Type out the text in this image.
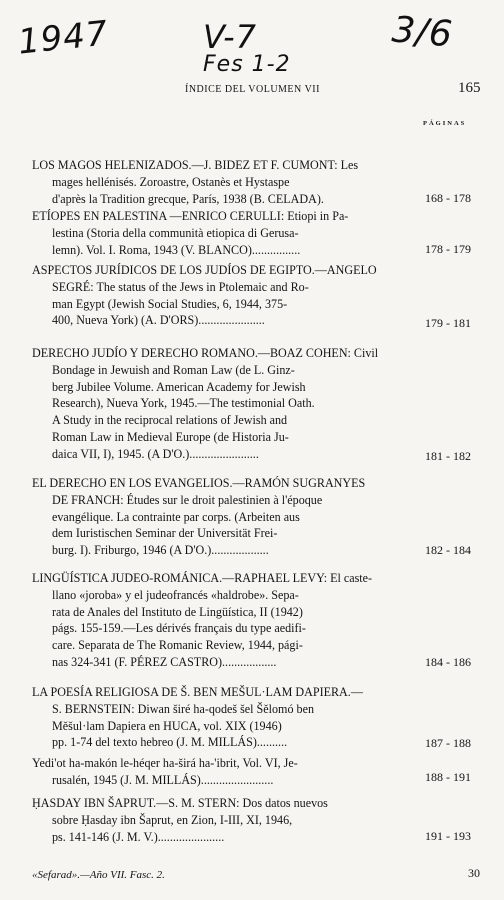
1947	V-7
Fes 1-2
3/6
ÍNDICE DEL VOLUMEN VII	165
PÁGINAS
LOS MAGOS HELENIZADOS.—J. BIDEZ ET F. CUMONT: Les
mages hellénisés. Zoroastre, Ostanès et Hystaspe
d'après la Tradition grecque, París, 1938 (B. CELADA).	168 - 178
ETÍOPES EN PALESTINA —ENRICO CERULLI: Etiopi in Pa-
lestina (Storia della communità etiopica di Gerusa-
lemn). Vol. I. Roma, 1943 (V. BLANCO)................	178 - 179
ASPECTOS JURÍDICOS DE LOS JUDÍOS DE EGIPTO.—ANGELO
SEGRÉ: The status of the Jews in Ptolemaic and Ro-
man Egypt (Jewish Social Studies, 6, 1944, 375-
400, Nueva York) (A. D'ORS)......................	179 - 181
DERECHO JUDÍO Y DERECHO ROMANO.—BOAZ COHEN: Civil
Bondage in Jewuish and Roman Law (de L. Ginz-
berg Jubilee Volume. American Academy for Jewish
Research), Nueva York, 1945.—The testimonial Oath.
A Study in the reciprocal relations of Jewish and
Roman Law in Medieval Europe (de Historia Ju-
daica VII, I), 1945. (A D'O.).......................	181 - 182
EL DERECHO EN LOS EVANGELIOS.—RAMÓN SUGRANYES
DE FRANCH: Études sur le droit palestinien à l'époque
evangélique. La contrainte par corps. (Arbeiten aus
dem Iuristischen Seminar der Universität Frei-
burg. I). Friburgo, 1946 (A D'O.)...................	182 - 184
LINGÜÍSTICA JUDEO-ROMÁNICA.—RAPHAEL LEVY: El caste-
llano «joroba» y el judeofrancés «haldrobe». Sepa-
rata de Anales del Instituto de Lingüística, II (1942)
págs. 155-159.—Les dérivés français du type aedifi-
care. Separata de The Romanic Review, 1944, pági-
nas 324-341 (F. PÉREZ CASTRO)..................	184 - 186
LA POESÍA RELIGIOSA DE Š. BEN MEŠUL·LAM DAPIERA.—
S. BERNSTEIN: Diwan širé ha-qodeš šel Šělomó ben
Měšul·lam Dapiera en HUCA, vol. XIX (1946)
pp. 1-74 del texto hebreo (J. M. MILLÁS)..........	187 - 188
Yedi'ot ha-makón le-héqer ha-širá ha-'ibrit, Vol. VI, Je-
rusalén, 1945 (J. M. MILLÁS)........................	188 - 191
ḤASDAY IBN ŠAPRUT.—S. M. STERN: Dos datos nuevos
sobre Ḥasday ibn Šaprut, en Zion, I-III, XI, 1946,
ps. 141-146 (J. M. V.)......................	191 - 193
«Sefarad».—Año VII. Fasc. 2.	30
